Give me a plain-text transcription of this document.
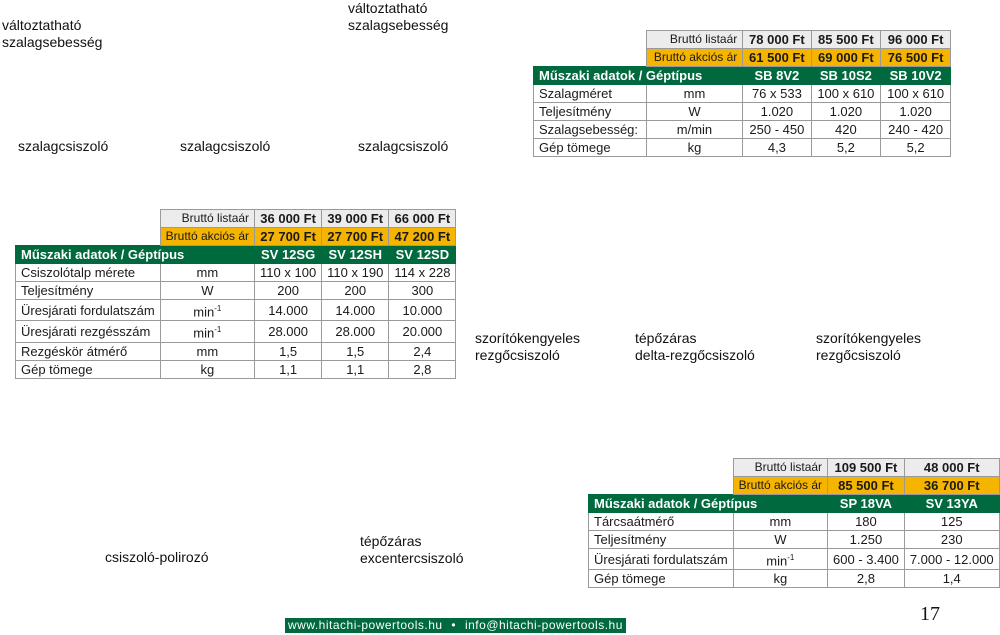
változtatható
szalagsebesség
változtatható
szalagsebesség
szalagcsiszoló	szalagcsiszoló	szalagcsiszoló
	Bruttó listaár	78 000 Ft	85 500 Ft	96 000 Ft
	Bruttó akciós ár	61 500 Ft	69 000 Ft	76 500 Ft
Műszaki adatok / Géptípus		SB 8V2	SB 10S2	SB 10V2
Szalagméret	mm	76 x 533	100 x 610	100 x 610
Teljesítmény	W	1.020	1.020	1.020
Szalagsebesség:	m/min	250 - 450	420	240 - 420
Gép tömege	kg	4,3	5,2	5,2
	Bruttó listaár	36 000 Ft	39 000 Ft	66 000 Ft
	Bruttó akciós ár	27 700 Ft	27 700 Ft	47 200 Ft
Műszaki adatok / Géptípus		SV 12SG	SV 12SH	SV 12SD
Csiszolótalp mérete	mm	110 x 100	110 x 190	114 x 228
Teljesítmény	W	200	200	300
Üresjárati fordulatszám	$\min^{-1}$	14.000	14.000	10.000
Üresjárati rezgésszám	$\min^{-1}$	28.000	28.000	20.000
Rezgéskör átmérő	mm	1,5	1,5	2,4
Gép tömege	kg	1,1	1,1	2,8
szorítókengyeles
rezgőcsiszoló
tépőzáras
delta-rezgőcsiszoló
szorítókengyeles
rezgőcsiszoló
csiszoló-polirozó
tépőzáras
excentercsiszoló
	Bruttó listaár	109 500 Ft	48 000 Ft
	Bruttó akciós ár	85 500 Ft	36 700 Ft
Műszaki adatok / Géptípus		SP 18VA	SV 13YA
Tárcsaátmérő	mm	180	125
Teljesítmény	W	1.250	230
Üresjárati fordulatszám	$\min^{-1}$	600 - 3.400	7.000 - 12.000
Gép tömege	kg	2,8	1,4
www.hitachi-powertools.hu • info@hitachi-powertools.hu	17
